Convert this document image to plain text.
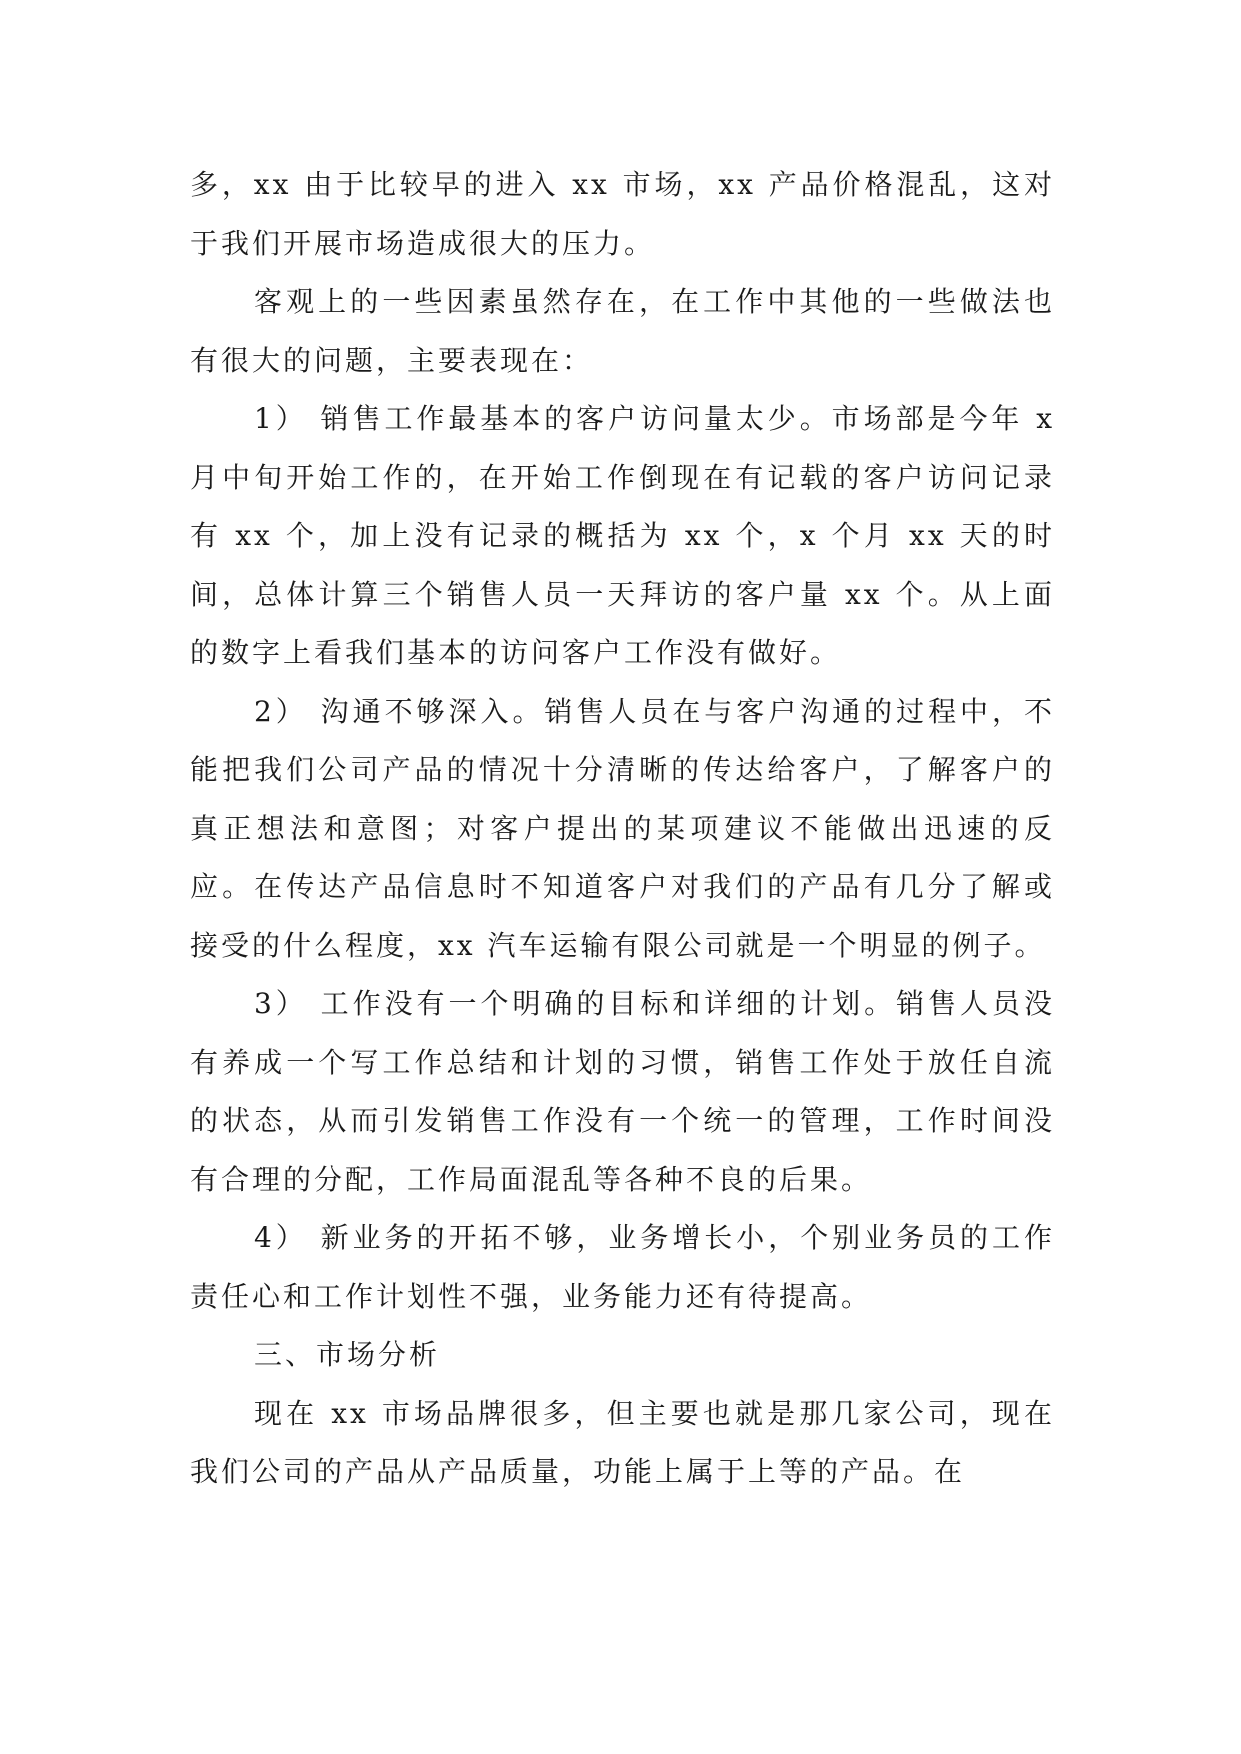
多，xx 由于比较早的进入 xx 市场，xx 产品价格混乱，这对于我们开展市场造成很大的压力。

客观上的一些因素虽然存在，在工作中其他的一些做法也有很大的问题，主要表现在：

1） 销售工作最基本的客户访问量太少。市场部是今年 x 月中旬开始工作的，在开始工作倒现在有记载的客户访问记录有 xx 个，加上没有记录的概括为 xx 个，x 个月 xx 天的时间，总体计算三个销售人员一天拜访的客户量 xx 个。从上面的数字上看我们基本的访问客户工作没有做好。

2） 沟通不够深入。销售人员在与客户沟通的过程中，不能把我们公司产品的情况十分清晰的传达给客户，了解客户的真正想法和意图；对客户提出的某项建议不能做出迅速的反应。在传达产品信息时不知道客户对我们的产品有几分了解或接受的什么程度，xx 汽车运输有限公司就是一个明显的例子。

3） 工作没有一个明确的目标和详细的计划。销售人员没有养成一个写工作总结和计划的习惯，销售工作处于放任自流的状态，从而引发销售工作没有一个统一的管理，工作时间没有合理的分配，工作局面混乱等各种不良的后果。

4） 新业务的开拓不够，业务增长小，个别业务员的工作责任心和工作计划性不强，业务能力还有待提高。

三、市场分析

现在 xx 市场品牌很多，但主要也就是那几家公司，现在我们公司的产品从产品质量，功能上属于上等的产品。在
